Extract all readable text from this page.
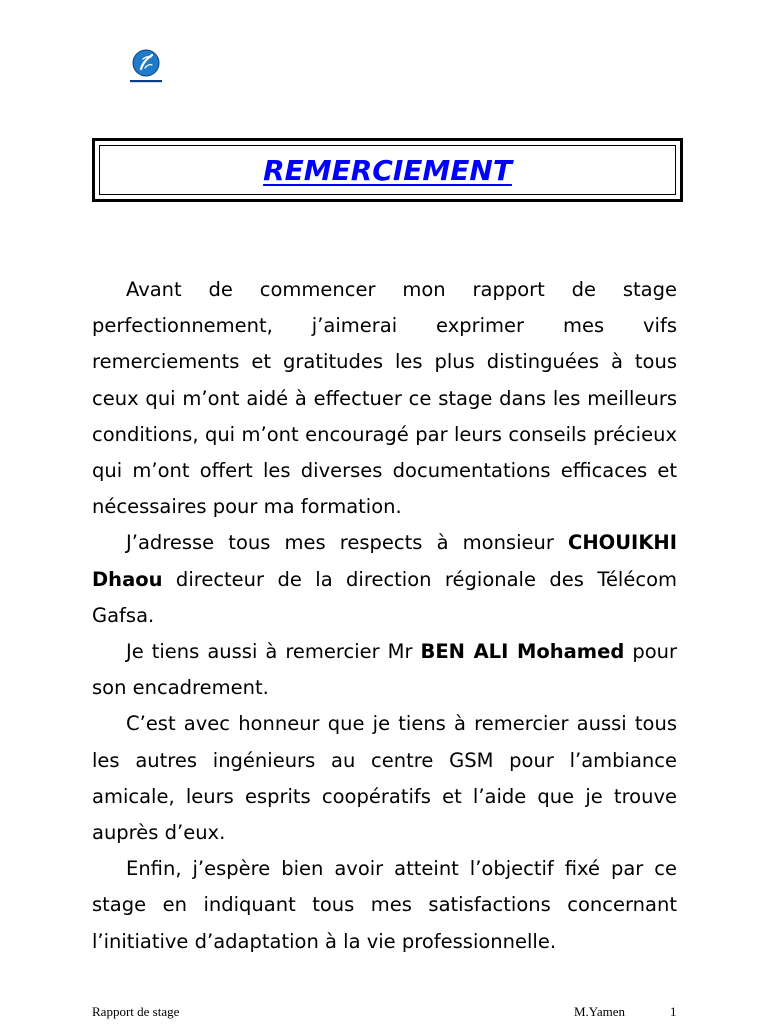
REMERCIEMENT

Avant de commencer mon rapport de stage perfectionnement, j’aimerai exprimer mes vifs remerciements et gratitudes les plus distinguées à tous ceux qui m’ont aidé à effectuer ce stage dans les meilleurs conditions, qui m’ont encouragé par leurs conseils précieux qui m’ont offert les diverses documentations efficaces et nécessaires pour ma formation.

J’adresse tous mes respects à monsieur CHOUIKHI Dhaou directeur de la direction régionale des Télécom Gafsa.

Je tiens aussi à remercier Mr BEN ALI Mohamed pour son encadrement.

C’est avec honneur que je tiens à remercier aussi tous les autres ingénieurs au centre GSM pour l’ambiance amicale, leurs esprits coopératifs et l’aide que je trouve auprès d’eux.

Enfin, j’espère bien avoir atteint l’objectif fixé par ce stage en indiquant tous mes satisfactions concernant l’initiative d’adaptation à la vie professionnelle.

Rapport de stage	M.Yamen	1
